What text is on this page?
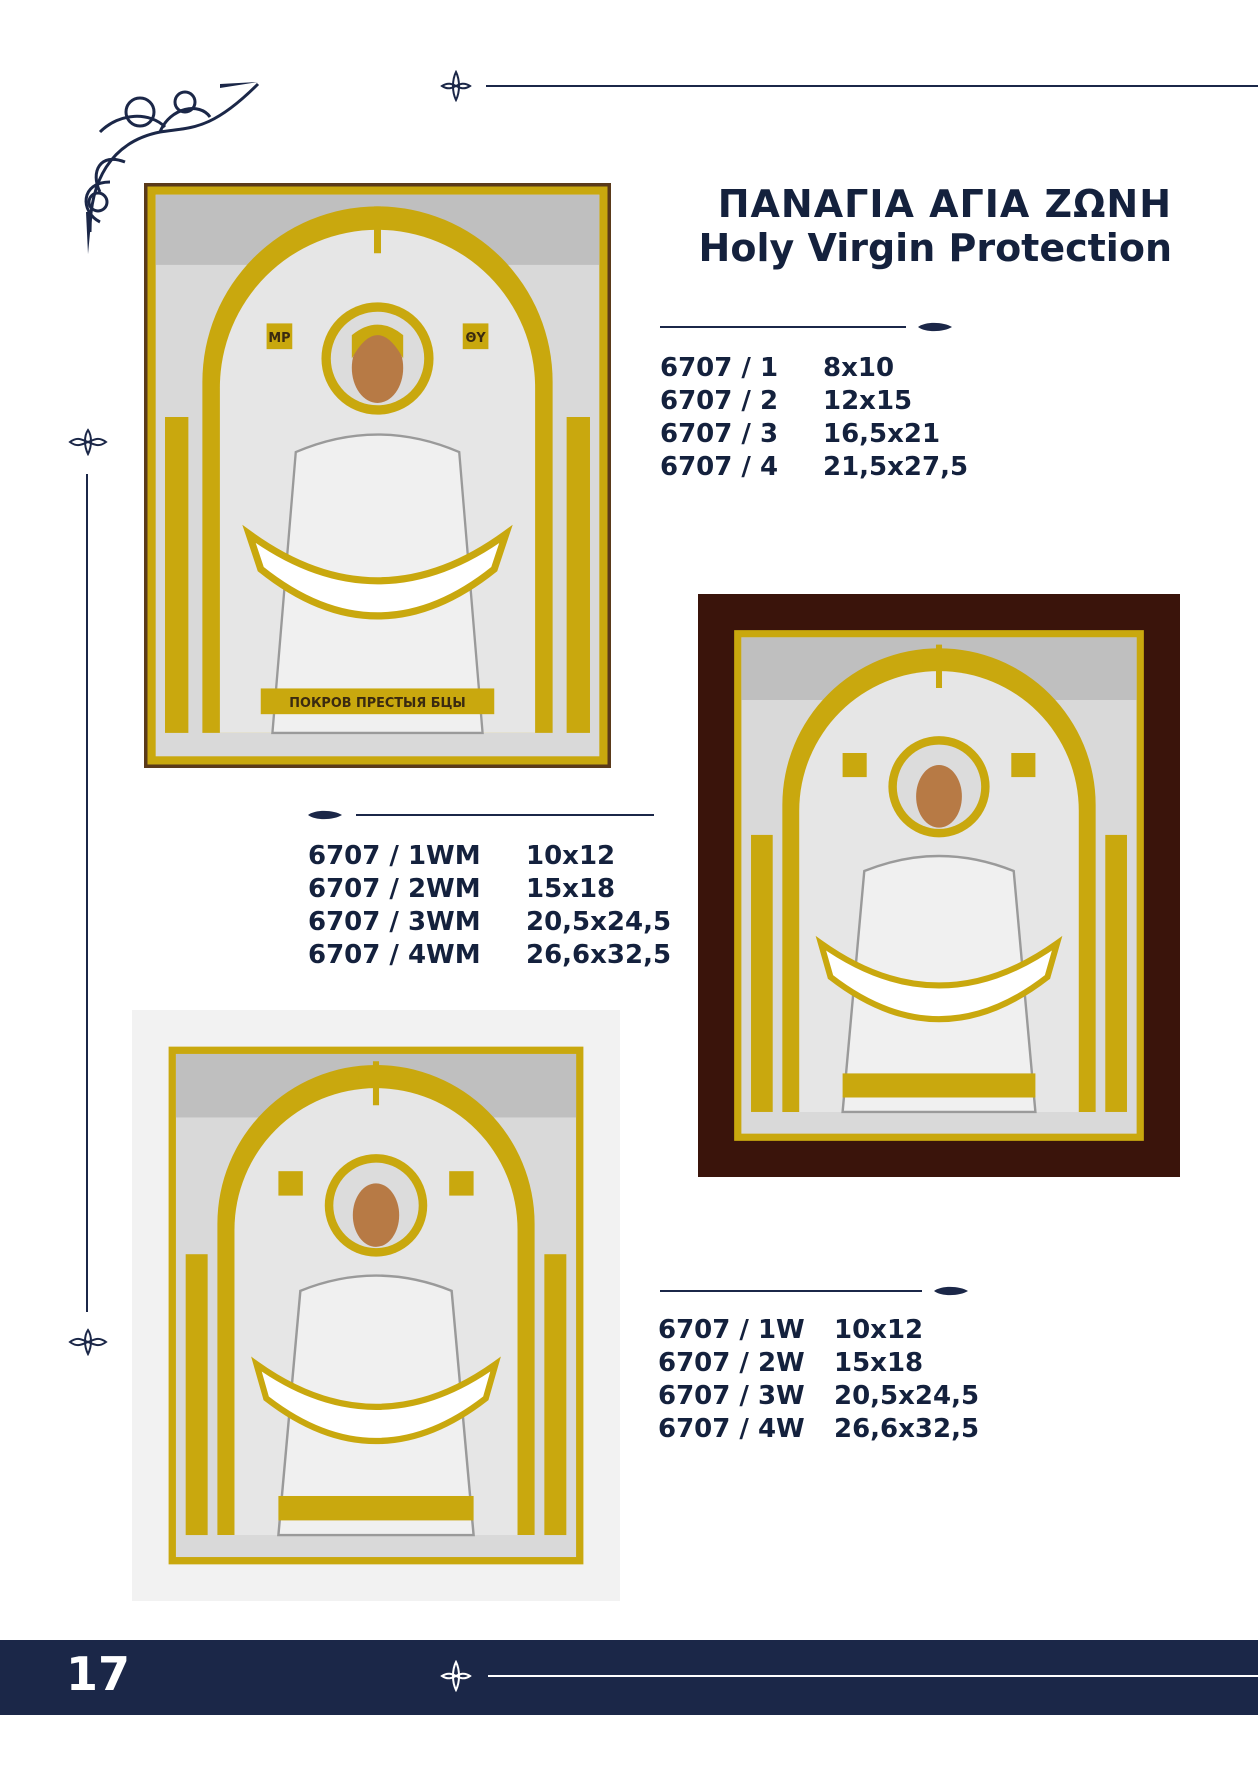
ΠΑΝΑΓΙΑ ΑΓΙΑ ΖΩΝΗ
Holy Virgin Protection
6707 / 1	8x10
6707 / 2	12x15
6707 / 3	16,5x21
6707 / 4	21,5x27,5
6707 / 1WM	10x12
6707 / 2WM	15x18
6707 / 3WM	20,5x24,5
6707 / 4WM	26,6x32,5
6707 / 1W	10x12
6707 / 2W	15x18
6707 / 3W	20,5x24,5
6707 / 4W	26,6x32,5
МР	ΘΥ
ПОКРОВ ПРЕСТЫЯ БЦЫ
17
